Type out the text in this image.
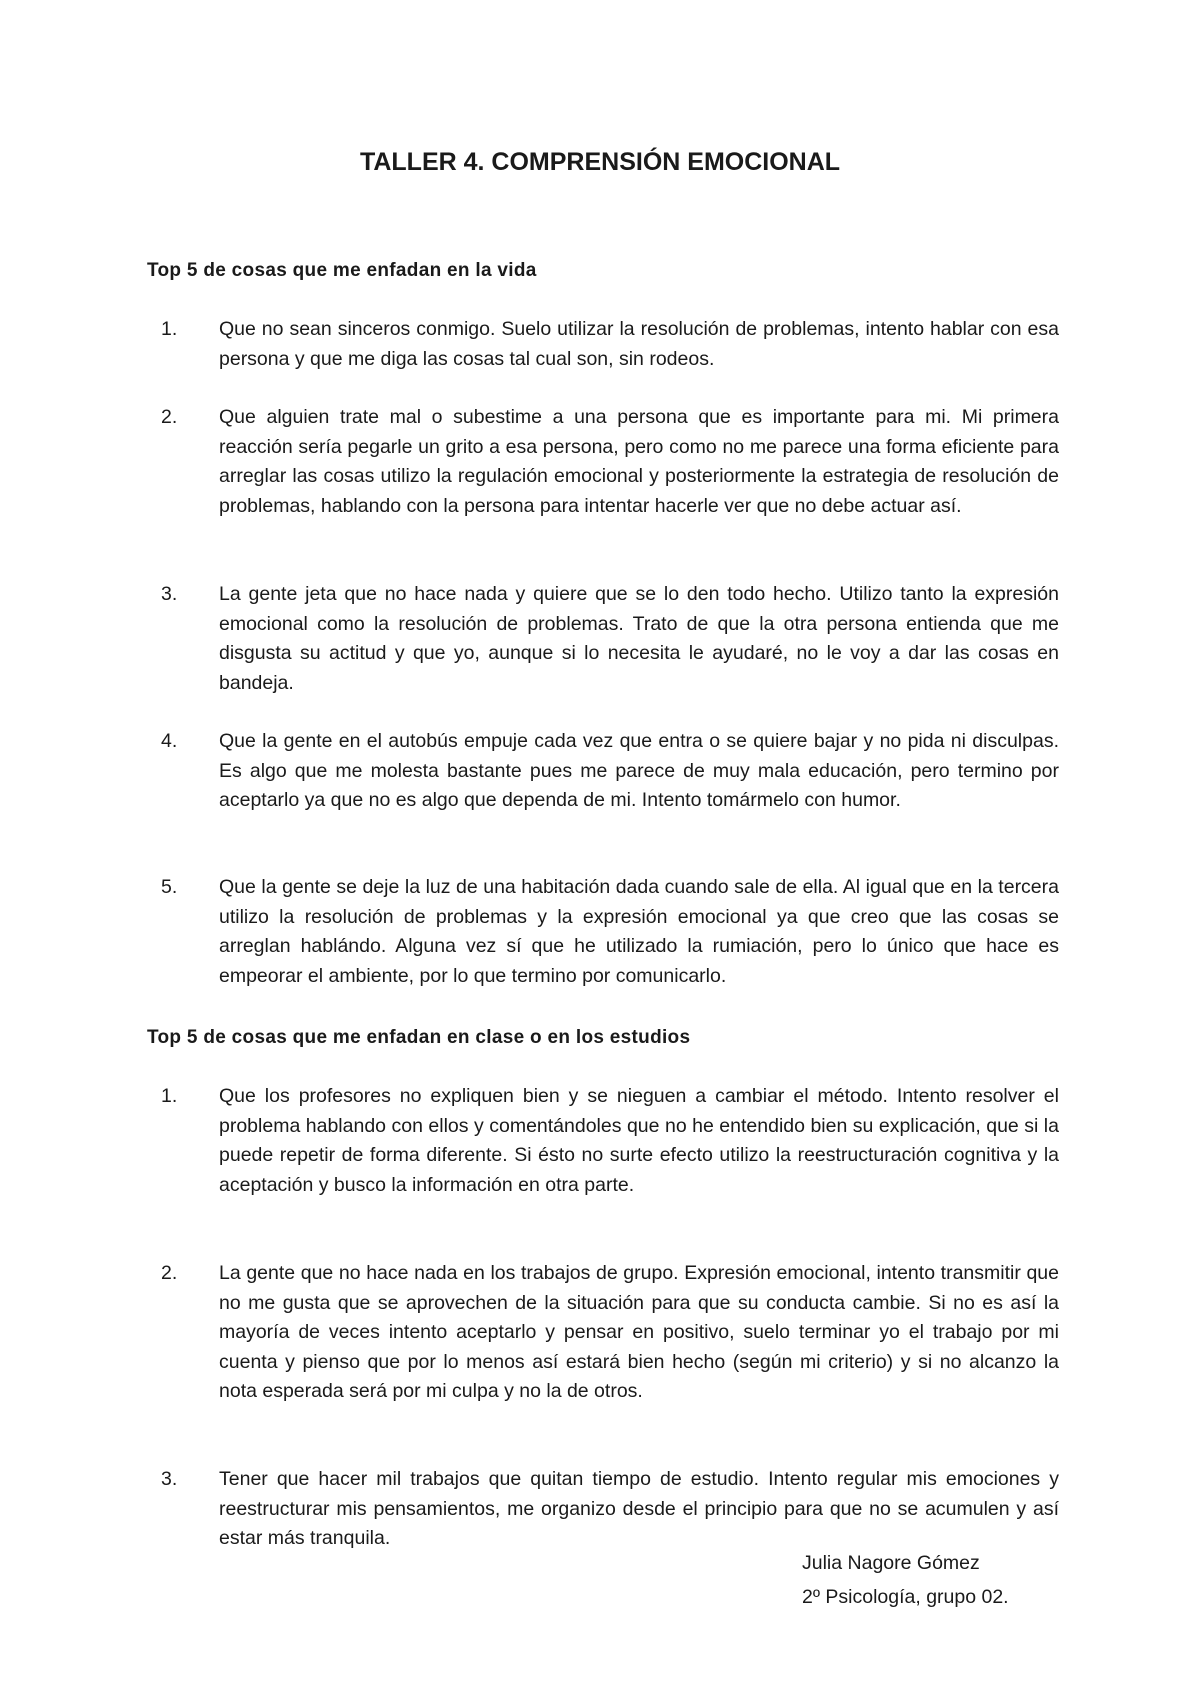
TALLER 4. COMPRENSIÓN EMOCIONAL
Top 5 de cosas que me enfadan en la vida
1. Que no sean sinceros conmigo. Suelo utilizar la resolución de problemas, intento hablar con esa persona y que me diga las cosas tal cual son, sin rodeos.
2. Que alguien trate mal o subestime a una persona que es importante para mi. Mi primera reacción sería pegarle un grito a esa persona, pero como no me parece una forma eficiente para arreglar las cosas utilizo la regulación emocional y posteriormente la estrategia de resolución de problemas, hablando con la persona para intentar hacerle ver que no debe actuar así.
3. La gente jeta que no hace nada y quiere que se lo den todo hecho. Utilizo tanto la expresión emocional como la resolución de problemas. Trato de que la otra persona entienda que me disgusta su actitud y que yo, aunque si lo necesita le ayudaré, no le voy a dar las cosas en bandeja.
4. Que la gente en el autobús empuje cada vez que entra o se quiere bajar y no pida ni disculpas. Es algo que me molesta bastante pues me parece de muy mala educación, pero termino por aceptarlo ya que no es algo que dependa de mi. Intento tomármelo con humor.
5. Que la gente se deje la luz de una habitación dada cuando sale de ella. Al igual que en la tercera utilizo la resolución de problemas y la expresión emocional ya que creo que las cosas se arreglan hablándo. Alguna vez sí que he utilizado la rumiación, pero lo único que hace es empeorar el ambiente, por lo que termino por comunicarlo.
Top 5 de cosas que me enfadan en clase o en los estudios
1. Que los profesores no expliquen bien y se nieguen a cambiar el método. Intento resolver el problema hablando con ellos y comentándoles que no he entendido bien su explicación, que si la puede repetir de forma diferente. Si ésto no surte efecto utilizo la reestructuración cognitiva y la aceptación y busco la información en otra parte.
2. La gente que no hace nada en los trabajos de grupo. Expresión emocional, intento transmitir que no me gusta que se aprovechen de la situación para que su conducta cambie. Si no es así la mayoría de veces intento aceptarlo y pensar en positivo, suelo terminar yo el trabajo por mi cuenta y pienso que por lo menos así estará bien hecho (según mi criterio) y si no alcanzo la nota esperada será por mi culpa y no la de otros.
3. Tener que hacer mil trabajos que quitan tiempo de estudio. Intento regular mis emociones y reestructurar mis pensamientos, me organizo desde el principio para que no se acumulen y así estar más tranquila.
Julia Nagore Gómez
2º Psicología, grupo 02.
